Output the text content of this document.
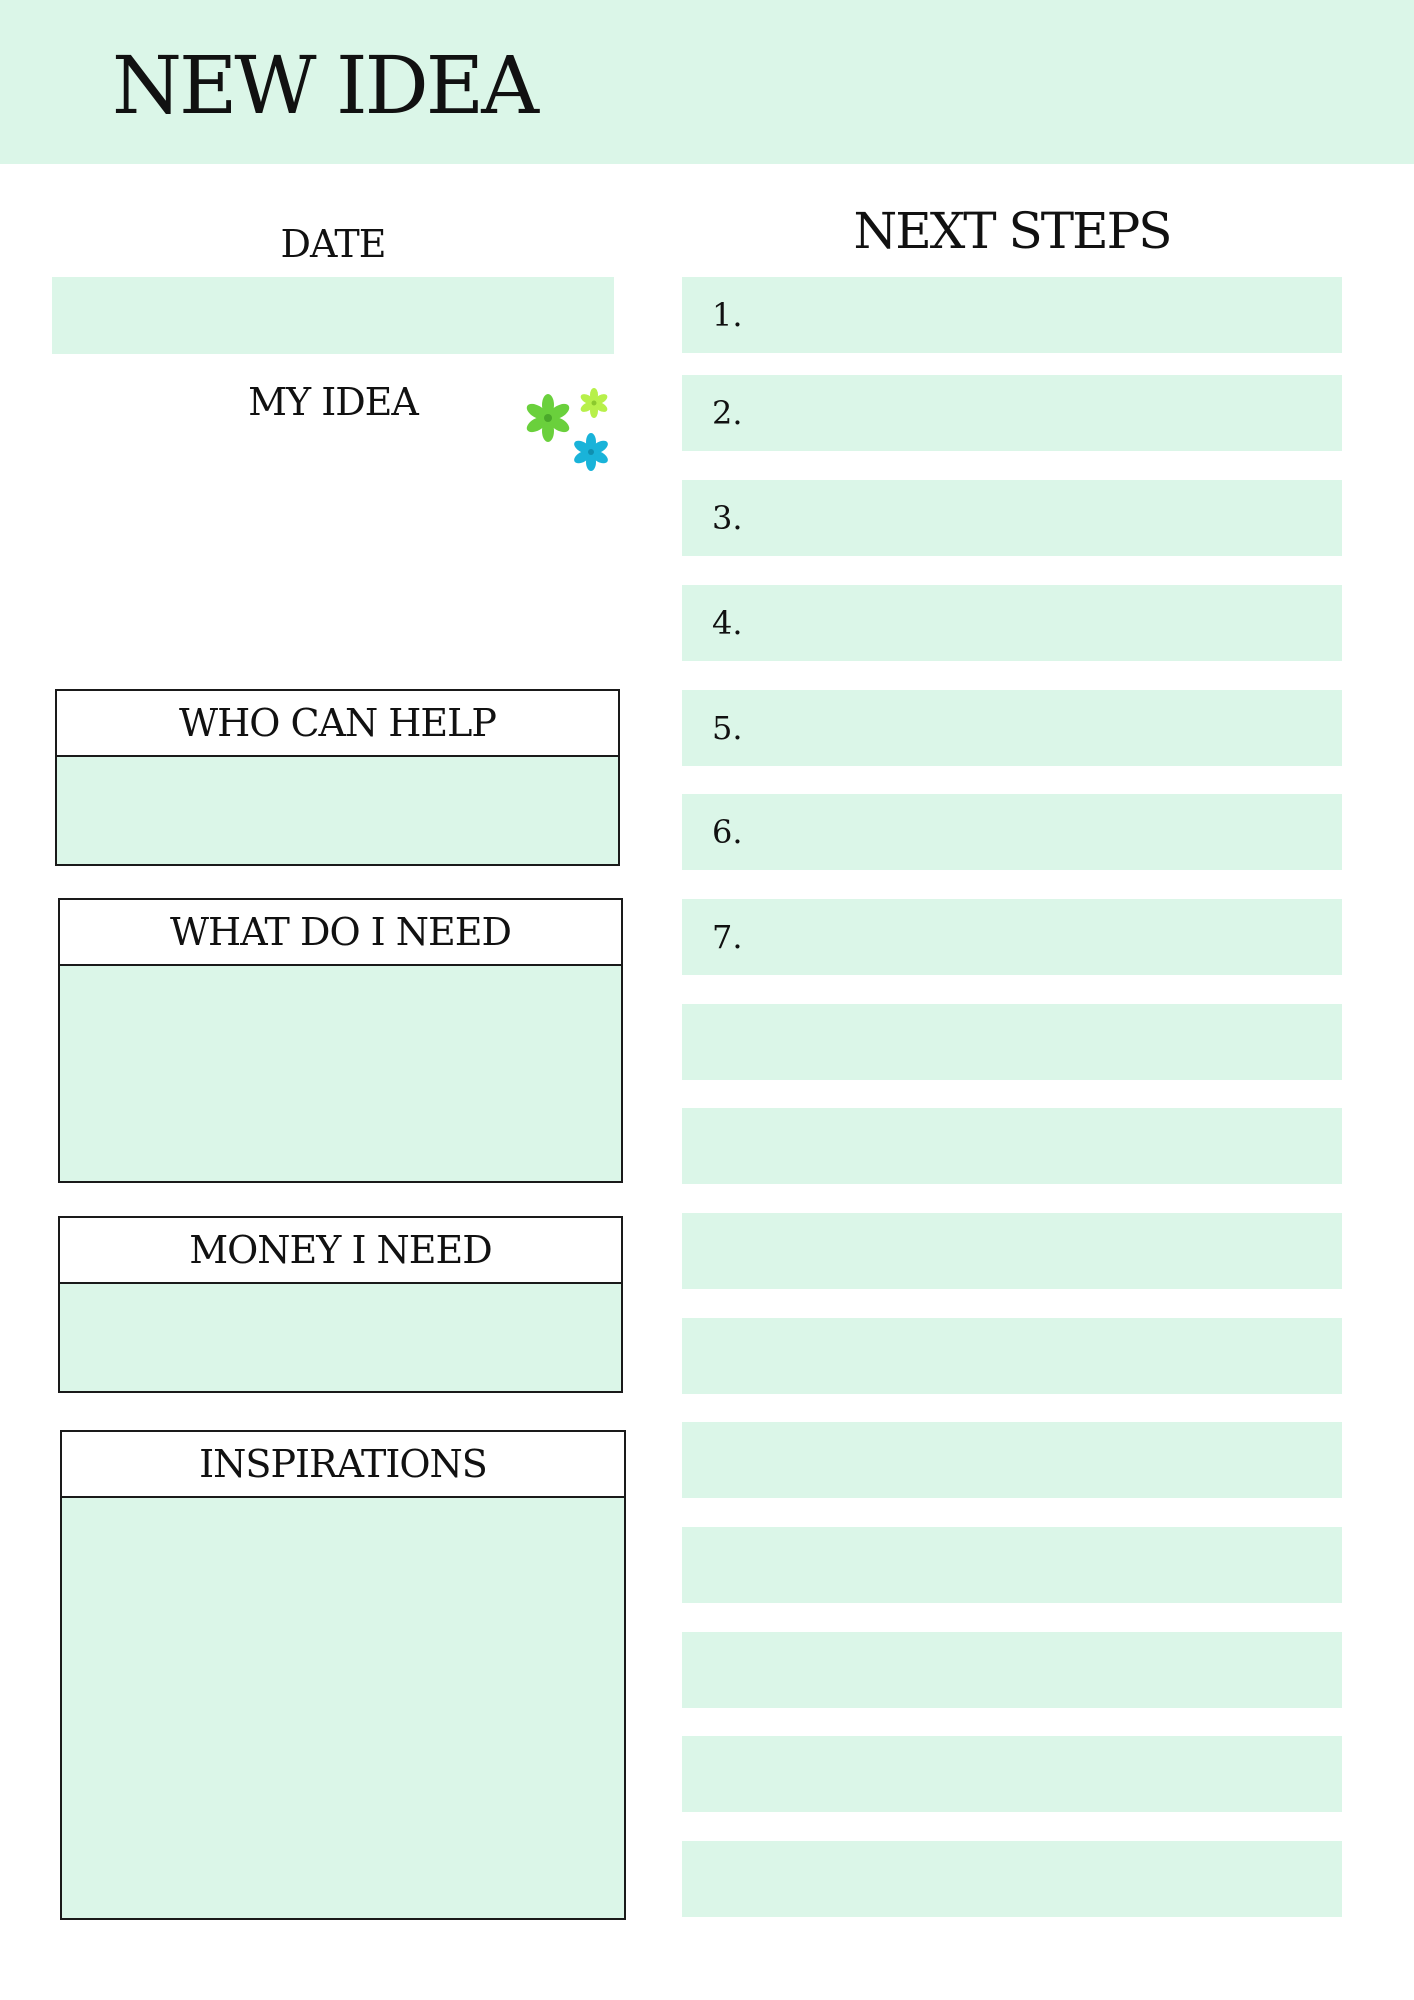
NEW IDEA
DATE
MY IDEA
WHO CAN HELP
WHAT DO I NEED
MONEY I NEED
INSPIRATIONS
NEXT STEPS
1.
2.
3.
4.
5.
6.
7.
